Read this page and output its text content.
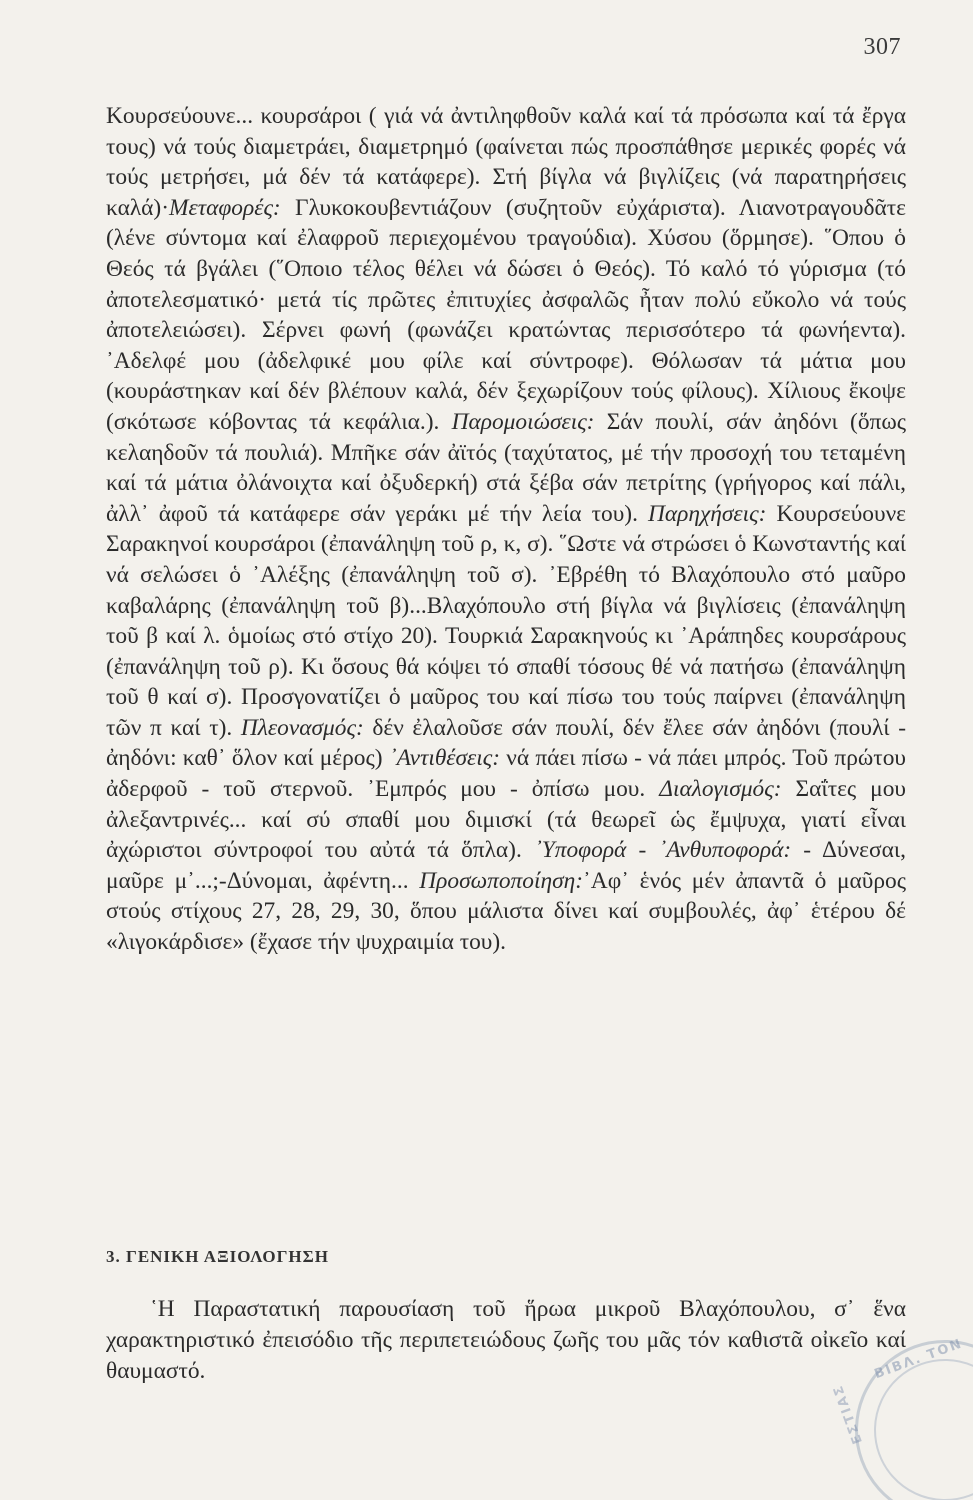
307

Κουρσεύουνε... κουρσάροι ( γιά νά ἀντιληφθοῦν καλά καί τά πρόσωπα καί τά ἔργα τους) νά τούς διαμετράει, διαμετρημό (φαίνεται πώς προσπάθησε μερικές φορές νά τούς μετρήσει, μά δέν τά κατάφερε). Στή βίγλα νά βιγλίζεις (νά παρατηρήσεις καλά)·Μεταφορές: Γλυκοκουβεντιάζουν (συζητοῦν εὐχάριστα). Λιανοτραγουδᾶτε (λένε σύντομα καί ἐλαφροῦ περιεχομένου τραγούδια). Χύσου (ὅρμησε). ῞Οπου ὁ Θεός τά βγάλει (῞Οποιο τέλος θέλει νά δώσει ὁ Θεός). Τό καλό τό γύρισμα (τό ἀποτελεσματικό· μετά τίς πρῶτες ἐπιτυχίες ἀσφαλῶς ἦταν πολύ εὔκολο νά τούς ἀποτελειώσει). Σέρνει φωνή (φωνάζει κρατώντας περισσότερο τά φωνήεντα). ᾽Αδελφέ μου (ἀδελφικέ μου φίλε καί σύντροφε). Θόλωσαν τά μάτια μου (κουράστηκαν καί δέν βλέπουν καλά, δέν ξεχωρίζουν τούς φίλους). Χίλιους ἔκοψε (σκότωσε κόβοντας τά κεφάλια.). Παρομοιώσεις: Σάν πουλί, σάν ἀηδόνι (ὅπως κελαηδοῦν τά πουλιά). Μπῆκε σάν ἀϊτός (ταχύτατος, μέ τήν προσοχή του τεταμένη καί τά μάτια ὀλάνοιχτα καί ὀξυδερκή) στά ξέβα σάν πετρίτης (γρήγορος καί πάλι, ἀλλ᾽ ἀφοῦ τά κατάφερε σάν γεράκι μέ τήν λεία του). Παρηχήσεις: Κουρσεύουνε Σαρακηνοί κουρσάροι (ἐπανάληψη τοῦ ρ, κ, σ). ῞Ωστε νά στρώσει ὁ Κωνσταντής καί νά σελώσει ὁ ᾽Αλέξης (ἐπανάληψη τοῦ σ). ᾽Εβρέθη τό Βλαχόπουλο στό μαῦρο καβαλάρης (ἐπανάληψη τοῦ β)...Βλαχόπουλο στή βίγλα νά βιγλίσεις (ἐπανάληψη τοῦ β καί λ. ὁμοίως στό στίχο 20). Τουρκιά Σαρακηνούς κι ᾽Αράπηδες κουρσάρους (ἐπανάληψη τοῦ ρ). Κι ὅσους θά κόψει τό σπαθί τόσους θέ νά πατήσω (ἐπανάληψη τοῦ θ καί σ). Προσγονατίζει ὁ μαῦρος του καί πίσω του τούς παίρνει (ἐπανάληψη τῶν π καί τ). Πλεονασμός: δέν ἐλαλοῦσε σάν πουλί, δέν ἔλεε σάν ἀηδόνι (πουλί - ἀηδόνι: καθ᾽ ὅλον καί μέρος) ᾽Αντιθέσεις: νά πάει πίσω - νά πάει μπρός. Τοῦ πρώτου ἀδερφοῦ - τοῦ στερνοῦ. ᾽Εμπρός μου - ὀπίσω μου. Διαλογισμός: Σαΐτες μου ἀλεξαντρινές... καί σύ σπαθί μου διμισκί (τά θεωρεῖ ὡς ἔμψυχα, γιατί εἶναι ἀχώριστοι σύντροφοί του αὐτά τά ὅπλα). ᾽Υποφορά - ᾽Ανθυποφορά: - Δύνεσαι, μαῦρε μ᾽...;-Δύνομαι, ἀφέντη... Προσωποποίηση:᾽Αφ᾽ ἑνός μέν ἀπαντᾶ ὁ μαῦρος στούς στίχους 27, 28, 29, 30, ὅπου μάλιστα δίνει καί συμβουλές, ἀφ᾽ ἑτέρου δέ «λιγοκάρδισε» (ἔχασε τήν ψυχραιμία του).

3. ΓΕΝΙΚΗ ΑΞΙΟΛΟΓΗΣΗ

῾Η Παραστατική παρουσίαση τοῦ ἥρωα μικροῦ Βλαχόπουλου, σ᾽ ἕνα χαρακτηριστικό ἐπεισόδιο τῆς περιπετειώδους ζωῆς του μᾶς τόν καθιστᾶ οἰκεῖο καί θαυμαστό.	ΒΙΒΛ. ΤΟΝ
ΕΣΤΙΑΣ
